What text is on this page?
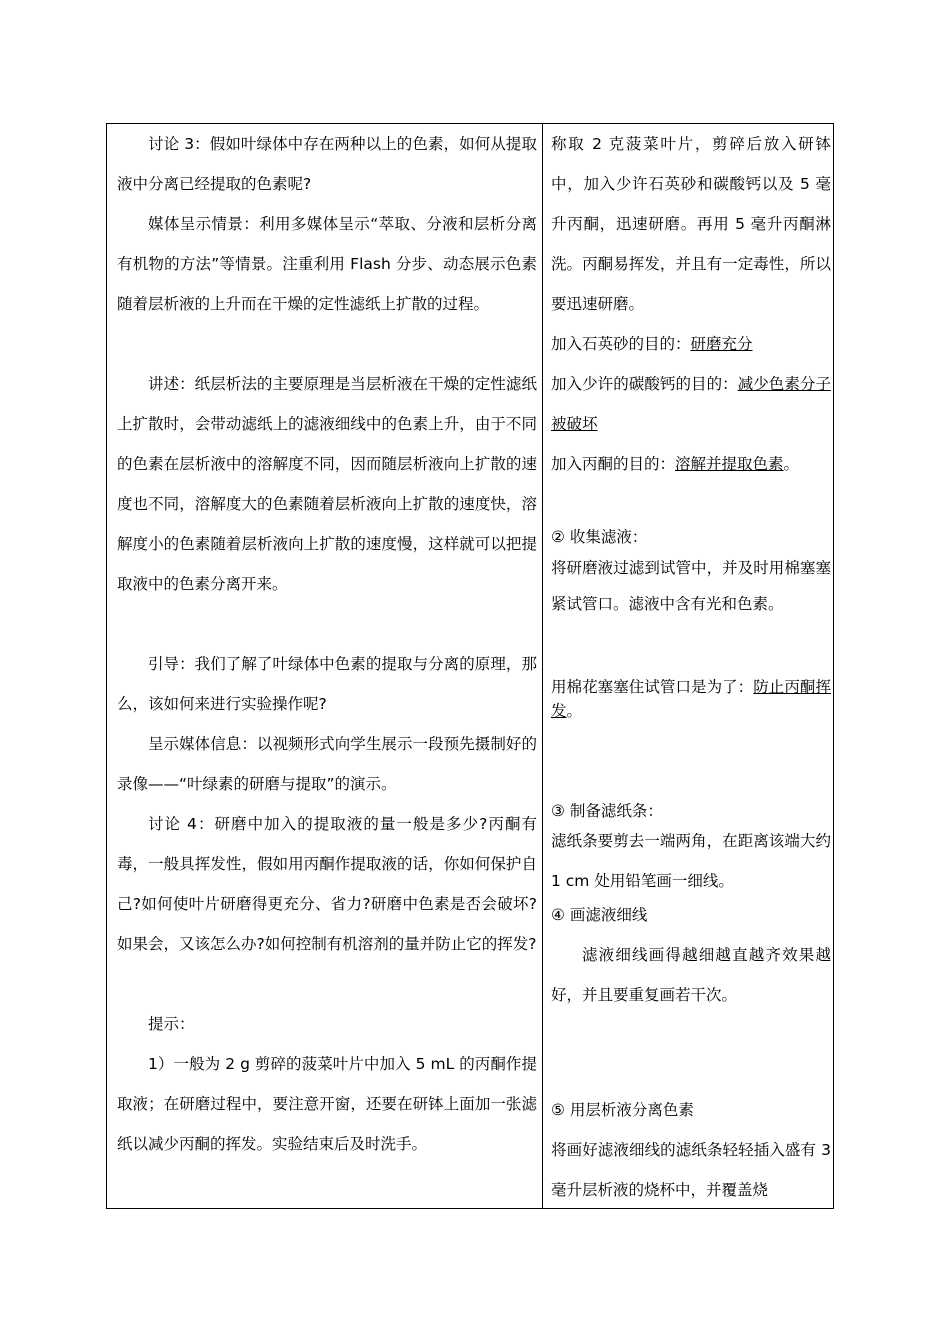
讨论 3：假如叶绿体中存在两种以上的色素，如何从提取液中分离已经提取的色素呢?

媒体呈示情景：利用多媒体呈示“萃取、分液和层析分离有机物的方法”等情景。注重利用 Flash 分步、动态展示色素随着层析液的上升而在干燥的定性滤纸上扩散的过程。

讲述：纸层析法的主要原理是当层析液在干燥的定性滤纸上扩散时，会带动滤纸上的滤液细线中的色素上升，由于不同的色素在层析液中的溶解度不同，因而随层析液向上扩散的速度也不同，溶解度大的色素随着层析液向上扩散的速度快，溶解度小的色素随着层析液向上扩散的速度慢，这样就可以把提取液中的色素分离开来。

引导：我们了解了叶绿体中色素的提取与分离的原理，那么，该如何来进行实验操作呢?

呈示媒体信息：以视频形式向学生展示一段预先摄制好的录像——“叶绿素的研磨与提取”的演示。

讨论 4：研磨中加入的提取液的量一般是多少?丙酮有毒，一般具挥发性，假如用丙酮作提取液的话，你如何保护自己?如何使叶片研磨得更充分、省力?研磨中色素是否会破坏?如果会，又该怎么办?如何控制有机溶剂的量并防止它的挥发?

提示：

1）一般为 2 g 剪碎的菠菜叶片中加入 5 mL 的丙酮作提取液；在研磨过程中，要注意开窗，还要在研钵上面加一张滤纸以减少丙酮的挥发。实验结束后及时洗手。

称取 2 克菠菜叶片，剪碎后放入研钵中，加入少许石英砂和碳酸钙以及 5 毫升丙酮，迅速研磨。再用 5 毫升丙酮淋洗。丙酮易挥发，并且有一定毒性，所以要迅速研磨。

加入石英砂的目的：研磨充分

加入少许的碳酸钙的目的：减少色素分子被破坏

加入丙酮的目的：溶解并提取色素。

② 收集滤液：

将研磨液过滤到试管中，并及时用棉塞塞紧试管口。滤液中含有光和色素。

用棉花塞塞住试管口是为了：防止丙酮挥发。

③ 制备滤纸条：

滤纸条要剪去一端两角，在距离该端大约 1 cm 处用铅笔画一细线。

④ 画滤液细线

滤液细线画得越细越直越齐效果越好，并且要重复画若干次。

⑤ 用层析液分离色素

将画好滤液细线的滤纸条轻轻插入盛有 3 毫升层析液的烧杯中，并覆盖烧
